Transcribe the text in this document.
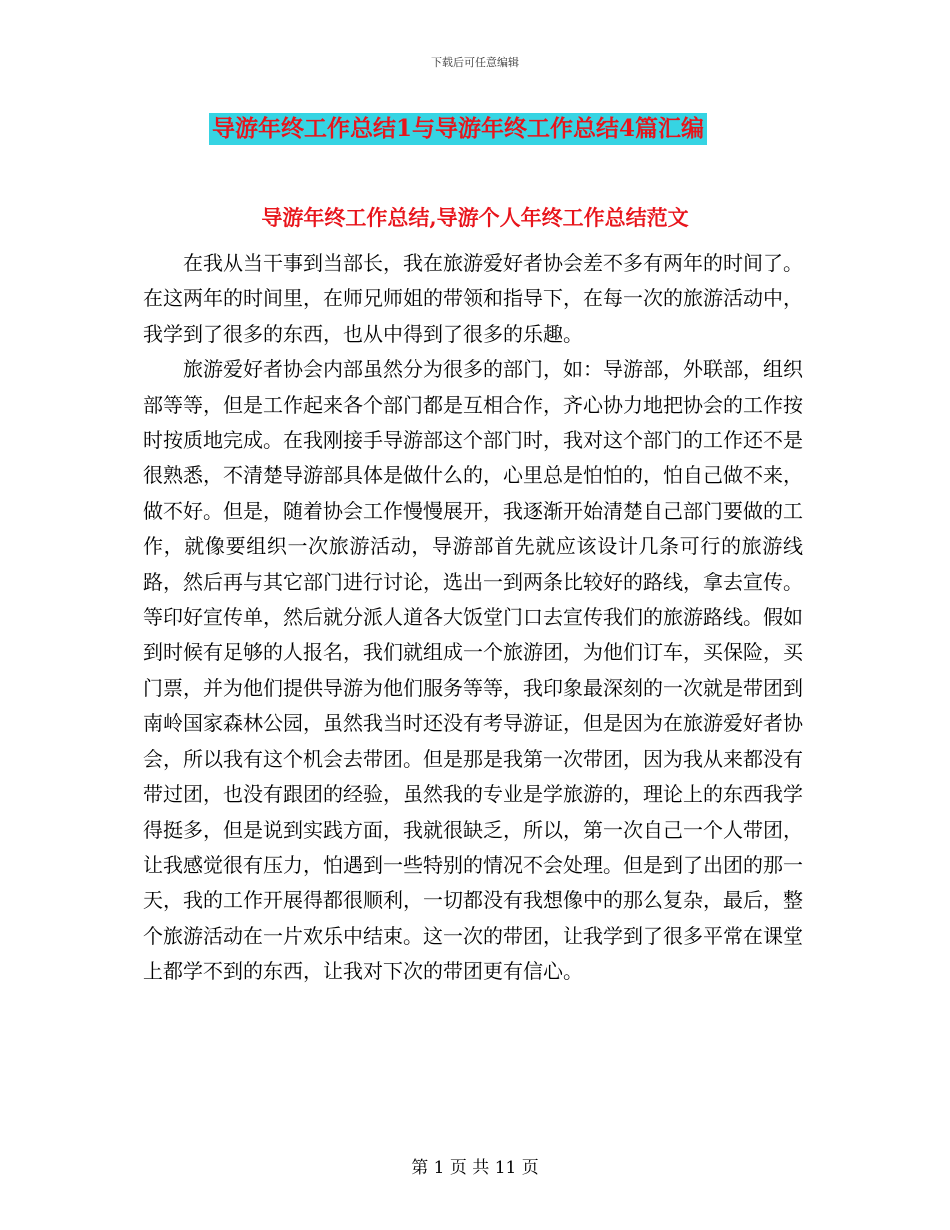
下载后可任意编辑
导游年终工作总结1与导游年终工作总结4篇汇编
导游年终工作总结,导游个人年终工作总结范文

在我从当干事到当部长，我在旅游爱好者协会差不多有两年的时间了。在这两年的时间里，在师兄师姐的带领和指导下，在每一次的旅游活动中，我学到了很多的东西，也从中得到了很多的乐趣。

旅游爱好者协会内部虽然分为很多的部门，如：导游部，外联部，组织部等等，但是工作起来各个部门都是互相合作，齐心协力地把协会的工作按时按质地完成。在我刚接手导游部这个部门时，我对这个部门的工作还不是很熟悉，不清楚导游部具体是做什么的，心里总是怕怕的，怕自己做不来，做不好。但是，随着协会工作慢慢展开，我逐渐开始清楚自己部门要做的工作，就像要组织一次旅游活动，导游部首先就应该设计几条可行的旅游线路，然后再与其它部门进行讨论，选出一到两条比较好的路线，拿去宣传。等印好宣传单，然后就分派人道各大饭堂门口去宣传我们的旅游路线。假如到时候有足够的人报名，我们就组成一个旅游团，为他们订车，买保险，买门票，并为他们提供导游为他们服务等等，我印象最深刻的一次就是带团到南岭国家森林公园，虽然我当时还没有考导游证，但是因为在旅游爱好者协会，所以我有这个机会去带团。但是那是我第一次带团，因为我从来都没有带过团，也没有跟团的经验，虽然我的专业是学旅游的，理论上的东西我学得挺多，但是说到实践方面，我就很缺乏，所以，第一次自己一个人带团，让我感觉很有压力，怕遇到一些特别的情况不会处理。但是到了出团的那一天，我的工作开展得都很顺利，一切都没有我想像中的那么复杂，最后，整个旅游活动在一片欢乐中结束。这一次的带团，让我学到了很多平常在课堂上都学不到的东西，让我对下次的带团更有信心。

第 1 页 共 11 页
